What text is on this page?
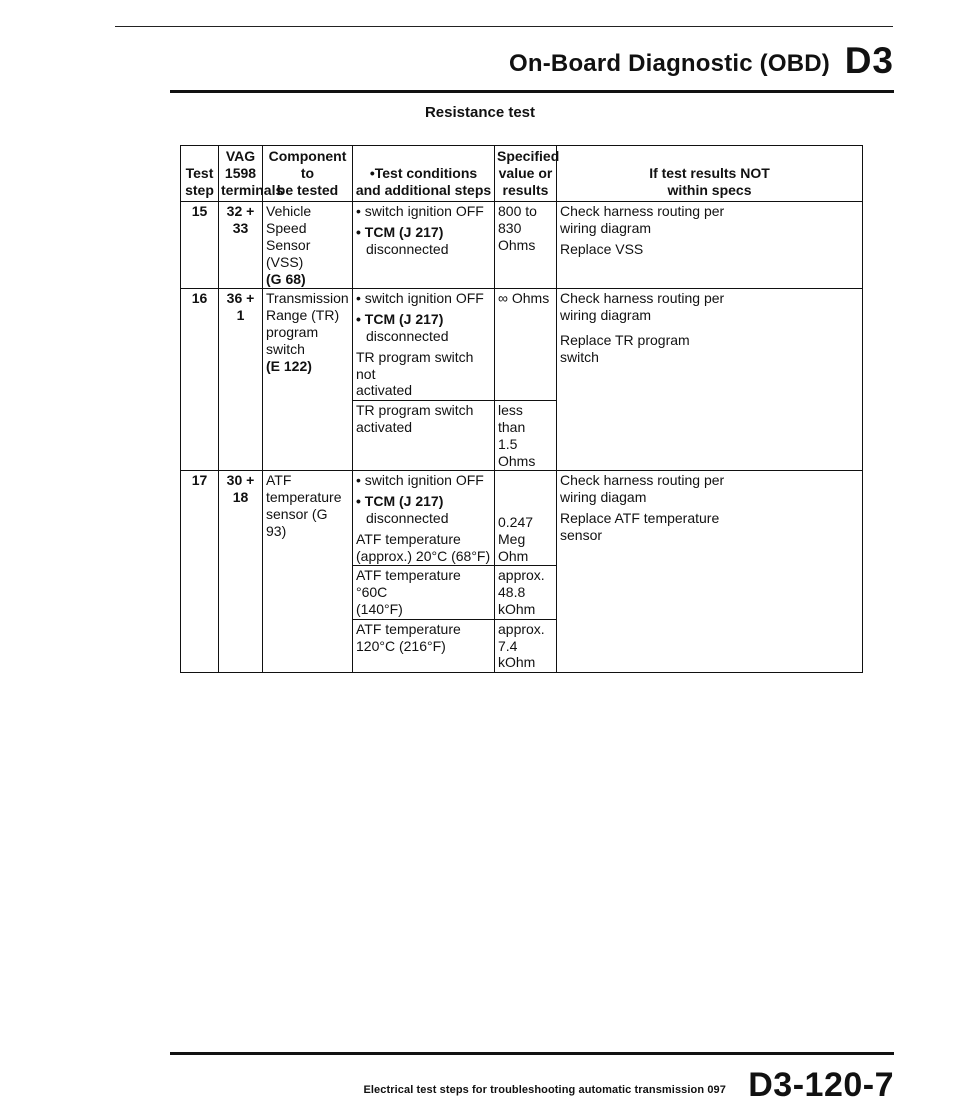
On-Board Diagnostic (OBD) D3
Resistance test
Test
step	VAG
1598
terminals	Component to
be tested	•Test conditions
and additional steps	Specified
value or
results	If test results NOT
within specs

15	32 + 33	Vehicle Speed
Sensor (VSS)
(G 68)	• switch ignition OFF
• TCM (J 217)
disconnected	800 to 830
Ohms	Check harness routing per
wiring diagram
Replace VSS

16	36 + 1	Transmission
Range (TR)
program switch
(E 122)	• switch ignition OFF
• TCM (J 217)
disconnected
TR program switch not
activated	∞ Ohms	Check harness routing per
wiring diagram
Replace TR program
switch

			TR program switch
activated	less than
1.5 Ohms	

17	30 + 18	ATF temperature
sensor (G 93)	• switch ignition OFF
• TCM (J 217)
disconnected
ATF temperature
(approx.) 20°C (68°F)	0.247 Meg
Ohm	Check harness routing per
wiring diagam
Replace ATF temperature
sensor

			ATF temperature °60C
(140°F)	approx.
48.8 kOhm	

			ATF temperature
120°C (216°F)	approx.
7.4 kOhm	
Electrical test steps for troubleshooting automatic transmission 097 D3-120-7
